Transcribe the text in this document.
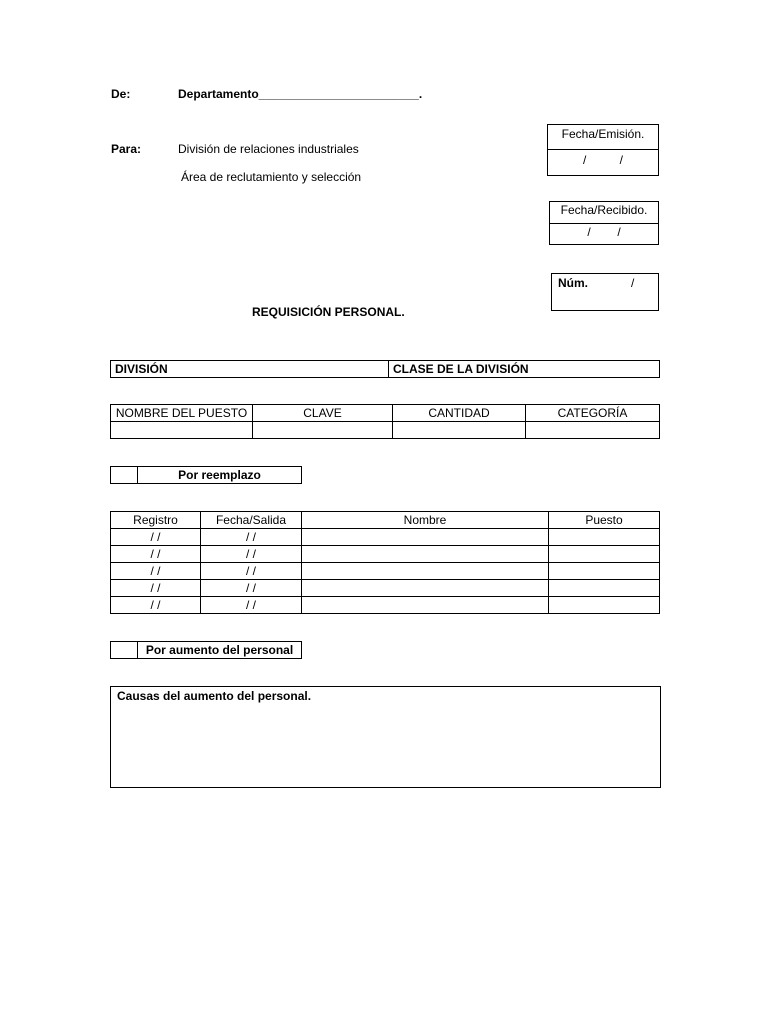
De:	Departamento________________________.
Para:	División de relaciones industriales
Área de reclutamiento y selección
Fecha/Emisión.
/          /
Fecha/Recibido.
/        /
Núm.	/
REQUISICIÓN PERSONAL.
DIVISIÓN	CLASE DE LA DIVISIÓN
NOMBRE DEL PUESTO	CLAVE	CANTIDAD	CATEGORÍA

	Por reemplazo
Registro	Fecha/Salida	Nombre	Puesto
/ /	/ /		
/ /	/ /		
/ /	/ /		
/ /	/ /		
/ /	/ /		
	Por aumento del personal
Causas del aumento del personal.
